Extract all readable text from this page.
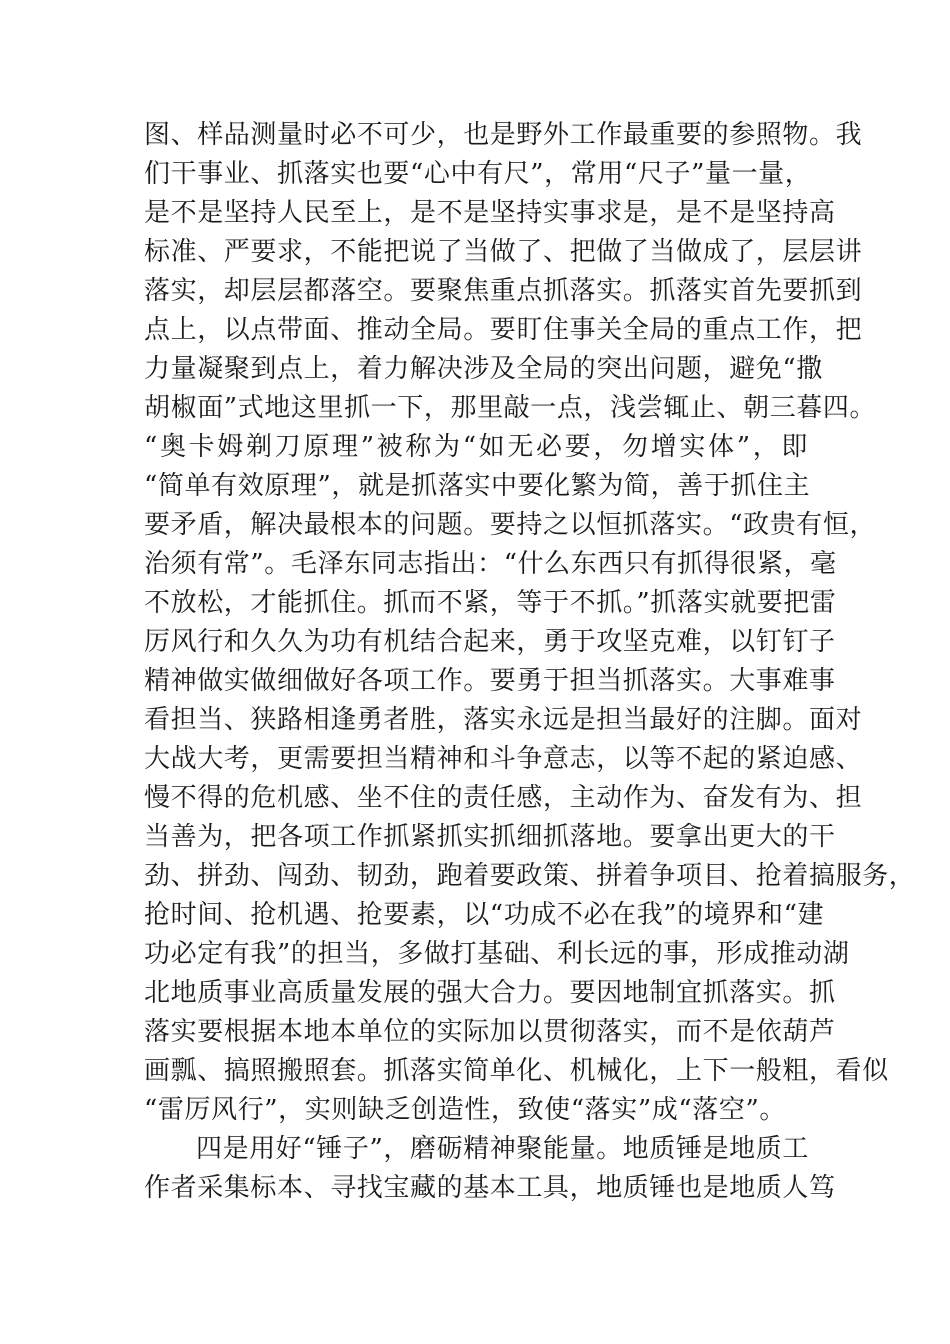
图、样品测量时必不可少，也是野外工作最重要的参照物。我
们干事业、抓落实也要“心中有尺”，常用“尺子”量一量，
是不是坚持人民至上，是不是坚持实事求是，是不是坚持高
标准、严要求，不能把说了当做了、把做了当做成了，层层讲
落实，却层层都落空。要聚焦重点抓落实。抓落实首先要抓到
点上，以点带面、推动全局。要盯住事关全局的重点工作，把
力量凝聚到点上，着力解决涉及全局的突出问题，避免“撒
胡椒面”式地这里抓一下，那里敲一点，浅尝辄止、朝三暮四。
“奥卡姆剃刀原理”被称为“如无必要，勿增实体”，即
“简单有效原理”，就是抓落实中要化繁为简，善于抓住主
要矛盾，解决最根本的问题。要持之以恒抓落实。“政贵有恒，
治须有常”。毛泽东同志指出：“什么东西只有抓得很紧，毫
不放松，才能抓住。抓而不紧，等于不抓。”抓落实就要把雷
厉风行和久久为功有机结合起来，勇于攻坚克难，以钉钉子
精神做实做细做好各项工作。要勇于担当抓落实。大事难事
看担当、狭路相逢勇者胜，落实永远是担当最好的注脚。面对
大战大考，更需要担当精神和斗争意志，以等不起的紧迫感、
慢不得的危机感、坐不住的责任感，主动作为、奋发有为、担
当善为，把各项工作抓紧抓实抓细抓落地。要拿出更大的干
劲、拼劲、闯劲、韧劲，跑着要政策、拼着争项目、抢着搞服务，
抢时间、抢机遇、抢要素，以“功成不必在我”的境界和“建
功必定有我”的担当，多做打基础、利长远的事，形成推动湖
北地质事业高质量发展的强大合力。要因地制宜抓落实。抓
落实要根据本地本单位的实际加以贯彻落实，而不是依葫芦
画瓢、搞照搬照套。抓落实简单化、机械化，上下一般粗，看似
“雷厉风行”，实则缺乏创造性，致使“落实”成“落空”。
四是用好“锤子”，磨砺精神聚能量。地质锤是地质工
作者采集标本、寻找宝藏的基本工具，地质锤也是地质人笃
